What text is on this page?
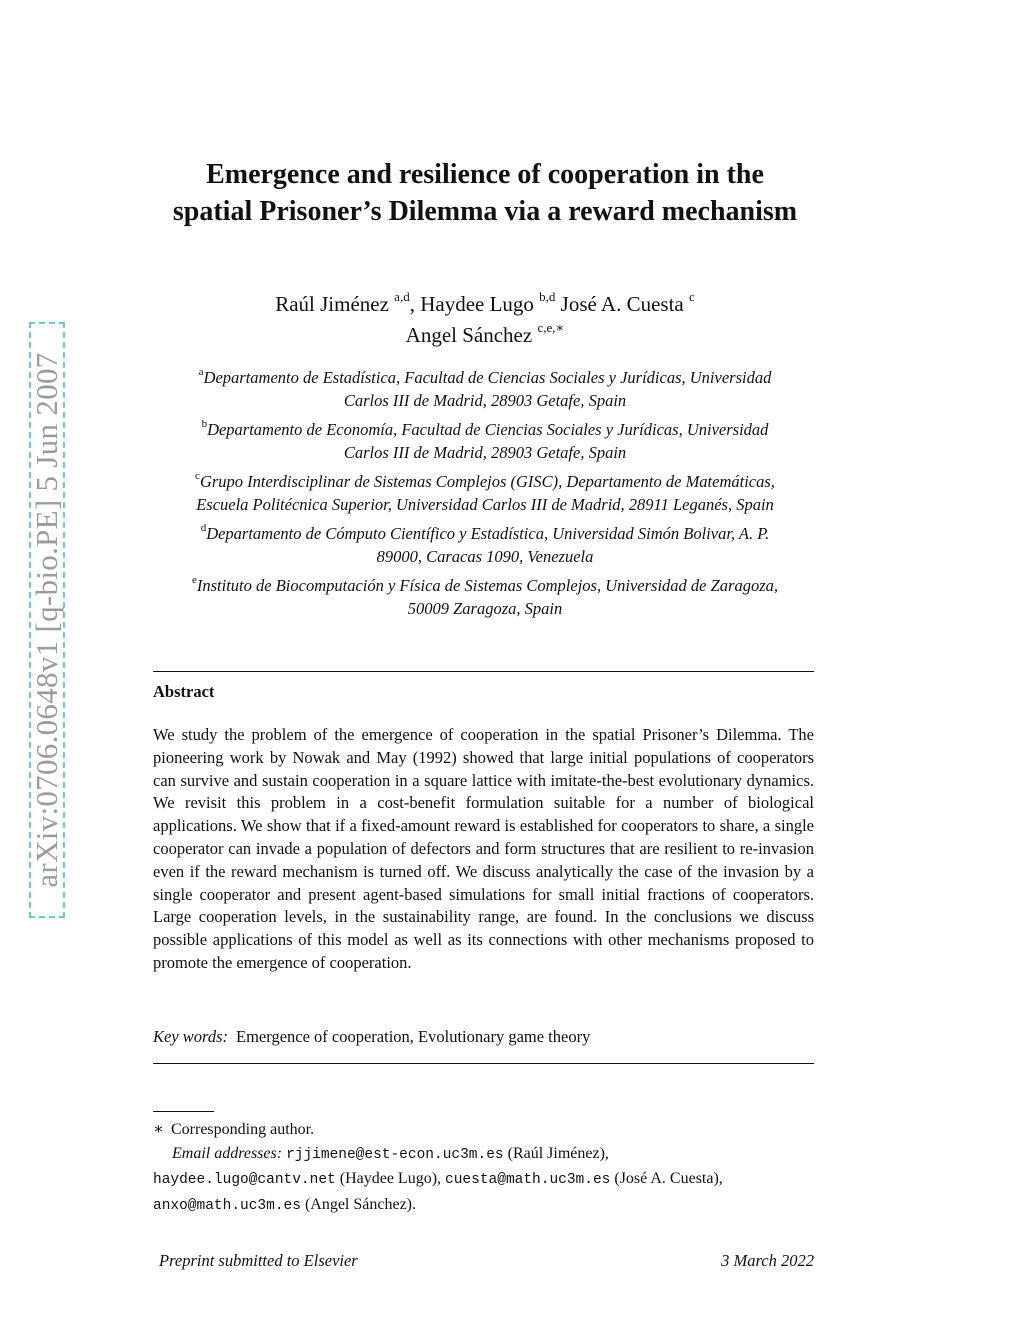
arXiv:0706.0648v1 [q-bio.PE] 5 Jun 2007
Emergence and resilience of cooperation in the
spatial Prisoner’s Dilemma via a reward mechanism
Raúl Jiménez $^{a,d}$, Haydee Lugo $^{b,d}$ José A. Cuesta $^c$
Angel Sánchez $^{c,e,∗}$
$^a$Departamento de Estadística, Facultad de Ciencias Sociales y Jurídicas, Universidad
Carlos III de Madrid, 28903 Getafe, Spain
$^b$Departamento de Economía, Facultad de Ciencias Sociales y Jurídicas, Universidad
Carlos III de Madrid, 28903 Getafe, Spain
$^c$Grupo Interdisciplinar de Sistemas Complejos (GISC), Departamento de Matemáticas,
Escuela Politécnica Superior, Universidad Carlos III de Madrid, 28911 Leganés, Spain
$^d$Departamento de Cómputo Científico y Estadística, Universidad Simón Bolivar, A. P.
89000, Caracas 1090, Venezuela
$^e$Instituto de Biocomputación y Física de Sistemas Complejos, Universidad de Zaragoza,
50009 Zaragoza, Spain
Abstract
We study the problem of the emergence of cooperation in the spatial Prisoner’s Dilemma. The pioneering work by Nowak and May (1992) showed that large initial populations of cooperators can survive and sustain cooperation in a square lattice with imitate-the-best evolutionary dynamics. We revisit this problem in a cost-benefit formulation suitable for a number of biological applications. We show that if a fixed-amount reward is established for cooperators to share, a single cooperator can invade a population of defectors and form structures that are resilient to re-invasion even if the reward mechanism is turned off. We discuss analytically the case of the invasion by a single cooperator and present agent-based simulations for small initial fractions of cooperators. Large cooperation levels, in the sustainability range, are found. In the conclusions we discuss possible applications of this model as well as its connections with other mechanisms proposed to promote the emergence of cooperation.
Key words: Emergence of cooperation, Evolutionary game theory
∗ Corresponding author.
Email addresses: rjjimene@est-econ.uc3m.es (Raúl Jiménez),
haydee.lugo@cantv.net (Haydee Lugo), cuesta@math.uc3m.es (José A. Cuesta),
anxo@math.uc3m.es (Angel Sánchez).
Preprint submitted to Elsevier	3 March 2022
